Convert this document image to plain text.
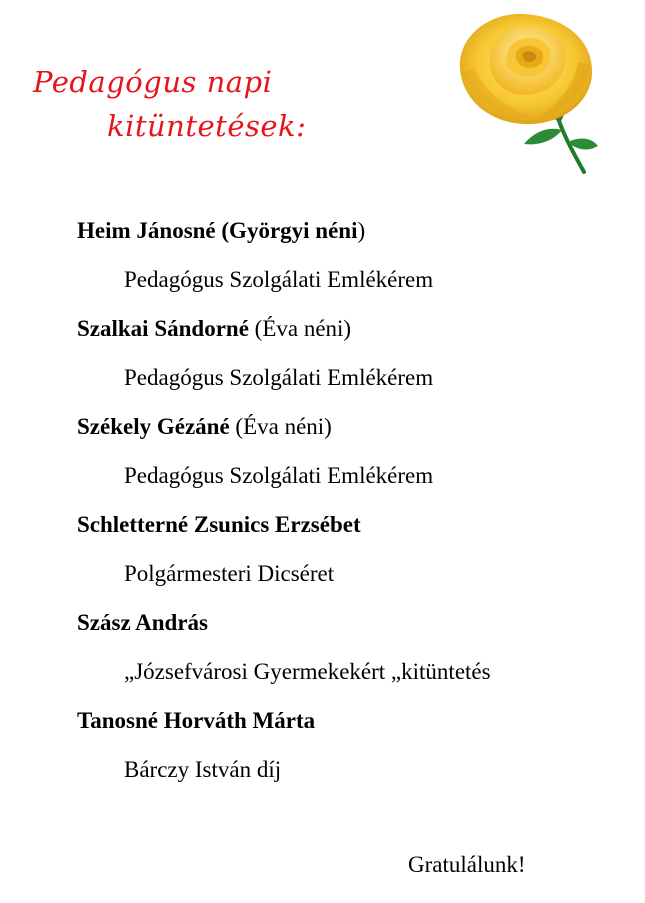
Pedagógus napi
kitüntetések:
Heim Jánosné (Györgyi néni)
Pedagógus Szolgálati Emlékérem
Szalkai Sándorné (Éva néni)
Pedagógus Szolgálati Emlékérem
Székely Gézáné (Éva néni)
Pedagógus Szolgálati Emlékérem
Schletterné Zsunics Erzsébet
Polgármesteri Dicséret
Szász András
„Józsefvárosi Gyermekekért „kitüntetés
Tanosné Horváth Márta
Bárczy István díj
Gratulálunk!
